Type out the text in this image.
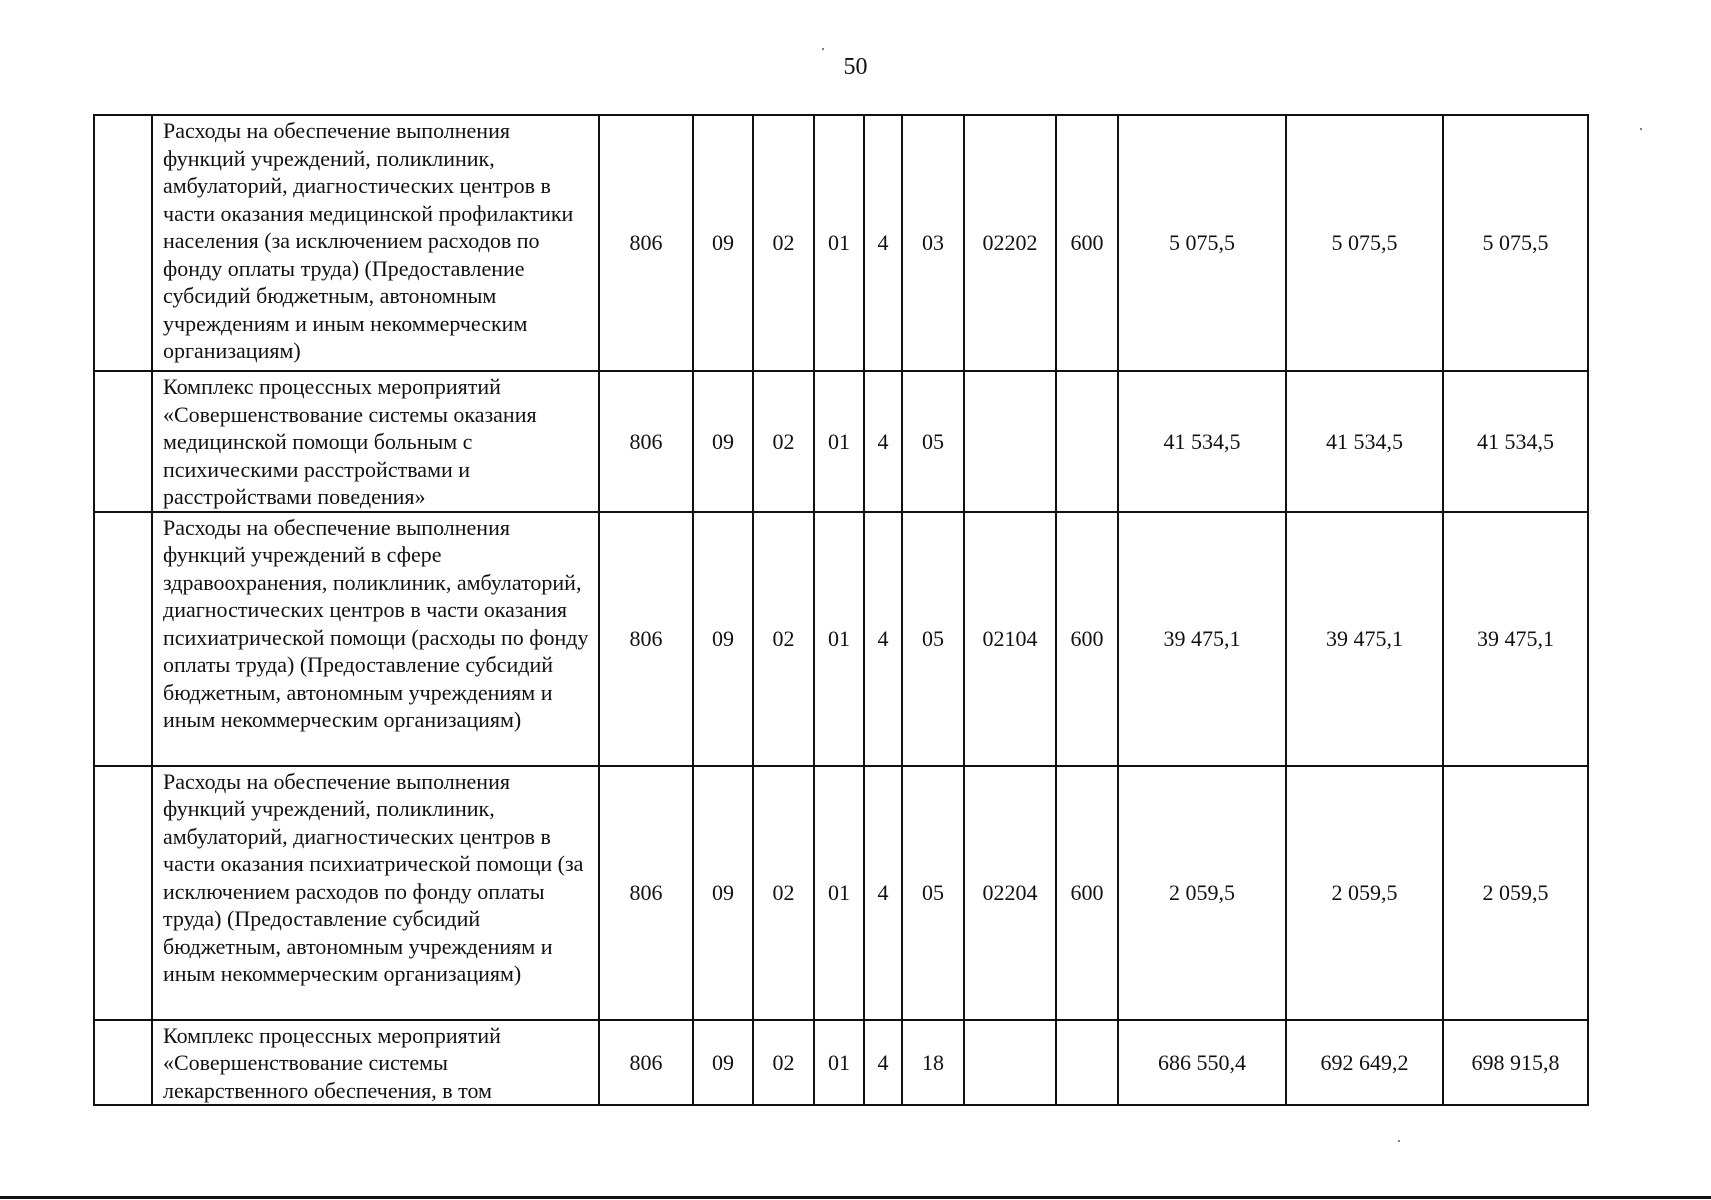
50
	Расходы на обеспечение выполнения функций учреждений, поликлиник, амбулаторий, диагностических центров в части оказания медицинской профилактики населения (за исключением расходов по фонду оплаты труда) (Предоставление субсидий бюджетным, автономным учреждениям и иным некоммерческим организациям)	806	09	02	01	4	03	02202	600	5 075,5	5 075,5	5 075,5
	Комплекс процессных мероприятий «Совершенствование системы оказания медицинской помощи больным с психическими расстройствами и расстройствами поведения»	806	09	02	01	4	05			41 534,5	41 534,5	41 534,5
	Расходы на обеспечение выполнения функций учреждений в сфере здравоохранения, поликлиник, амбулаторий, диагностических центров в части оказания психиатрической помощи (расходы по фонду оплаты труда) (Предоставление субсидий бюджетным, автономным учреждениям и иным некоммерческим организациям)	806	09	02	01	4	05	02104	600	39 475,1	39 475,1	39 475,1
	Расходы на обеспечение выполнения функций учреждений, поликлиник, амбулаторий, диагностических центров в части оказания психиатрической помощи (за исключением расходов по фонду оплаты труда) (Предоставление субсидий бюджетным, автономным учреждениям и иным некоммерческим организациям)	806	09	02	01	4	05	02204	600	2 059,5	2 059,5	2 059,5
	Комплекс процессных мероприятий «Совершенствование системы лекарственного обеспечения, в том	806	09	02	01	4	18			686 550,4	692 649,2	698 915,8
